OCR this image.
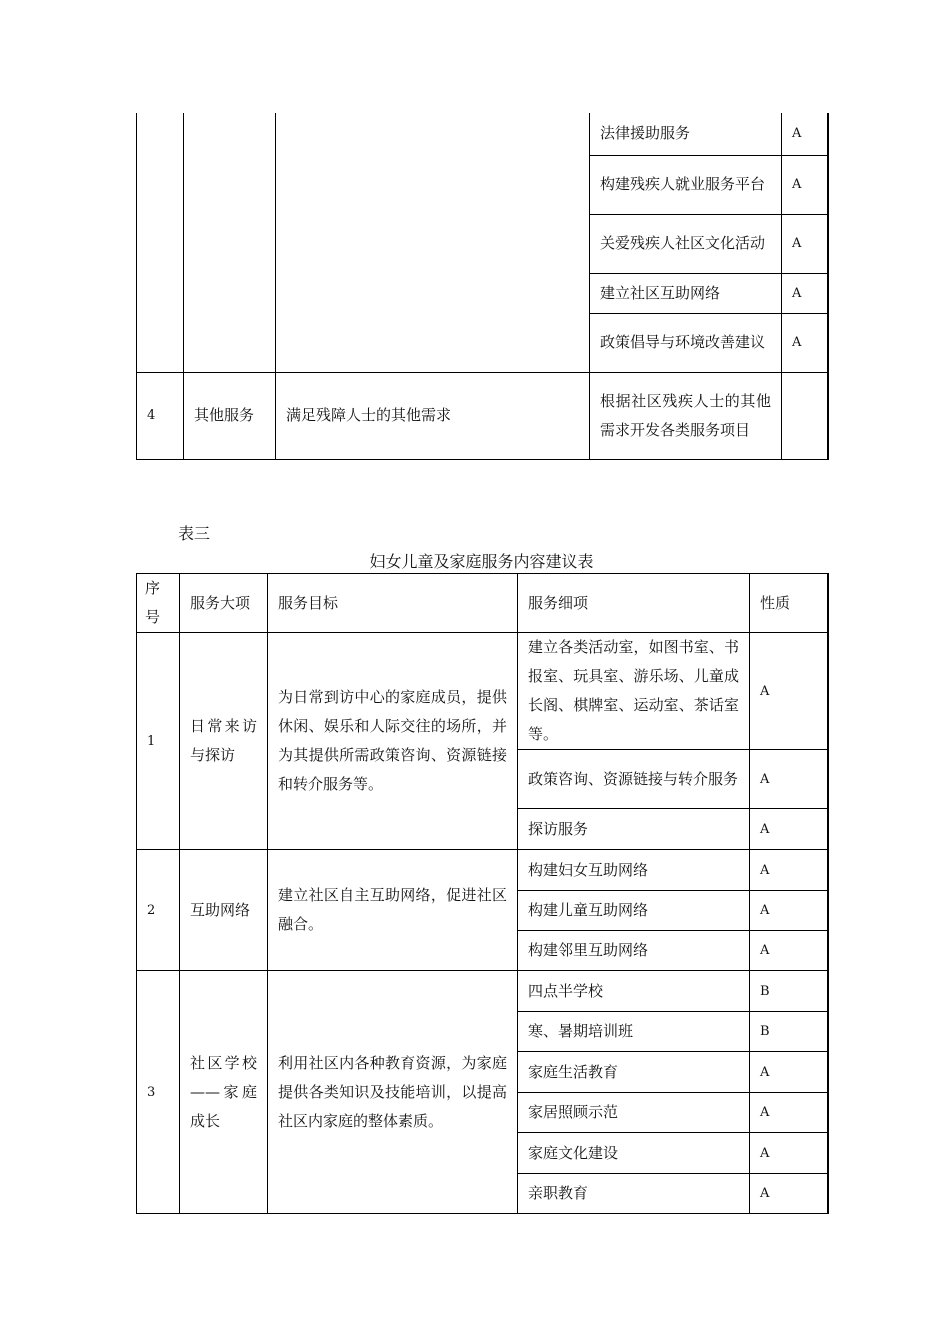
			法律援助服务	A
			构建残疾人就业服务平台	A
			关爱残疾人社区文化活动	A
			建立社区互助网络	A
			政策倡导与环境改善建议	A
4	其他服务	满足残障人士的其他需求	根据社区残疾人士的其他需求开发各类服务项目	
表三
妇女儿童及家庭服务内容建议表
序号	服务大项	服务目标	服务细项	性质
1	日常来访与探访	为日常到访中心的家庭成员，提供休闲、娱乐和人际交往的场所，并为其提供所需政策咨询、资源链接和转介服务等。	建立各类活动室，如图书室、书报室、玩具室、游乐场、儿童成长阁、棋牌室、运动室、茶话室等。	A
			政策咨询、资源链接与转介服务	A
			探访服务	A
2	互助网络	建立社区自主互助网络，促进社区融合。	构建妇女互助网络	A
			构建儿童互助网络	A
			构建邻里互助网络	A
3	社区学校——家庭成长	利用社区内各种教育资源，为家庭提供各类知识及技能培训，以提高社区内家庭的整体素质。	四点半学校	B
			寒、暑期培训班	B
			家庭生活教育	A
			家居照顾示范	A
			家庭文化建设	A
			亲职教育	A
